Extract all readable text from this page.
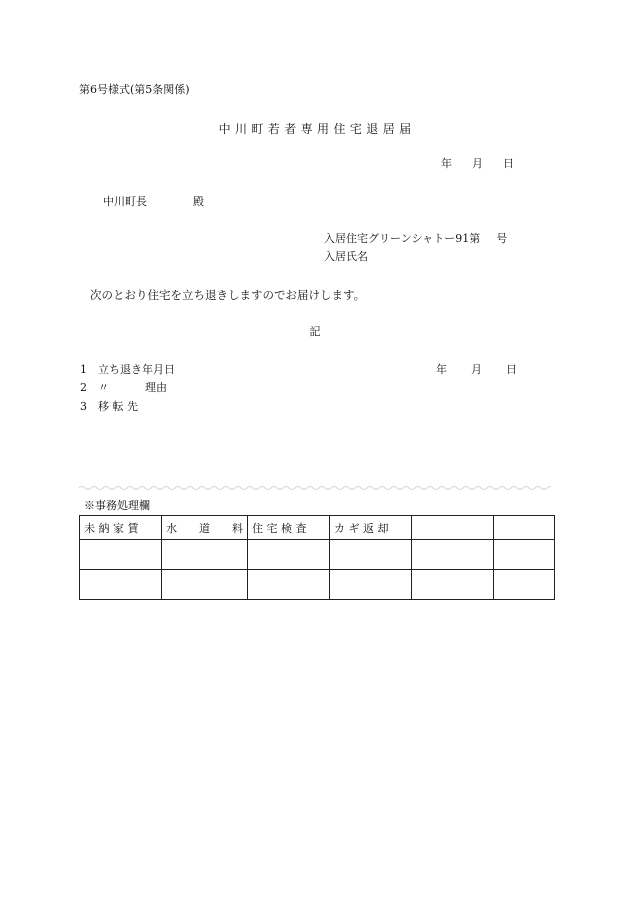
第6号様式(第5条関係)
中 川 町 若 者 専 用 住 宅 退 居 届
年 月 日
中川町長	殿
入居住宅グリーンシャトー91第 号
入居氏名
次のとおり住宅を立ち退きしますのでお届けします。
記
1 立ち退き年月日	年 月 日
2 〃	理由
3 移 転 先
※事務処理欄
未 納 家 賃	水　　道　　料	住 宅 検 査	カ ギ 返 却		
